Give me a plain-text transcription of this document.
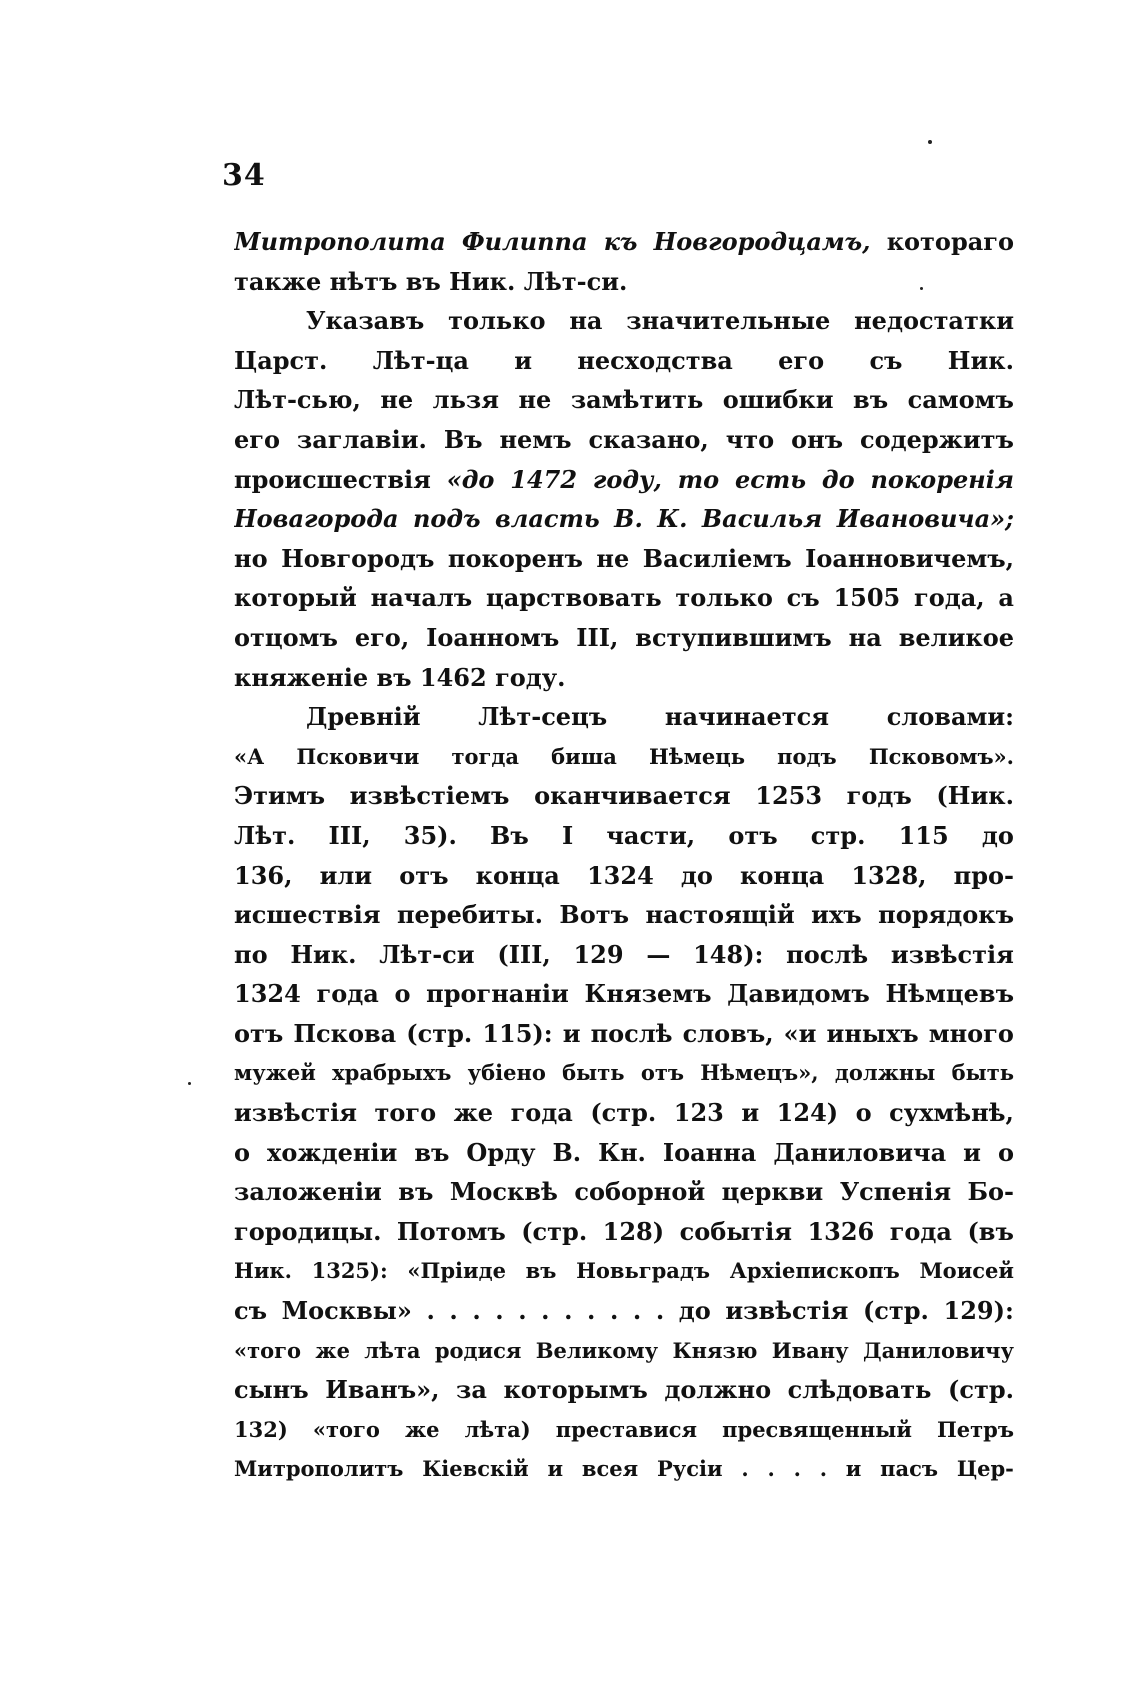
34
Митрополита Филиппа къ Новгородцамъ, котораго
также
нѣтъ
въ
Ник.
Лѣт-си.
Указавъ только на значительные недостатки
Царст. Лѣт-ца и несходства его съ Ник.
Лѣт-сью, не льзя не замѣтить ошибки въ самомъ
его заглавіи. Въ немъ сказано, что онъ содержитъ
происшествія «до 1472 году, то есть до покоренія
Новагорода подъ власть В. К. Василья Ивановича»;
но Новгородъ покоренъ не Василіемъ Іоанновичемъ,
который началъ царствовать только съ 1505 года, а
отцомъ его, Іоанномъ III, вступившимъ на великое
княженіе
въ
1462
году.
Древній Лѣт-сецъ начинается словами:
«А Псковичи тогда биша Нѣмець подъ Псковомъ».
Этимъ извѣстіемъ оканчивается 1253 годъ (Ник.
Лѣт. III, 35). Въ I части, отъ стр. 115 до
136, или отъ конца 1324 до конца 1328, про-
исшествія перебиты. Вотъ настоящій ихъ порядокъ
по Ник. Лѣт-си (III, 129 — 148): послѣ извѣстія
1324 года о прогнаніи Княземъ Давидомъ Нѣмцевъ
отъ Пскова (стр. 115): и послѣ словъ, «и иныхъ много
мужей храбрыхъ убіено быть отъ Нѣмецъ», должны быть
извѣстія того же года (стр. 123 и 124) о сухмѣнѣ,
о хожденіи въ Орду В. Кн. Іоанна Даниловича и о
заложеніи въ Москвѣ соборной церкви Успенія Бо-
городицы. Потомъ (стр. 128) событія 1326 года (въ
Ник. 1325): «Пріиде въ Новьградъ Архіепископъ Моисей
съ Москвы» . . . . . . . . . . . до извѣстія (стр. 129):
«того же лѣта родися Великому Князю Ивану Даниловичу
сынъ Иванъ», за которымъ должно слѣдовать (стр.
132) «того же лѣта) преставися пресвященный Петръ
Митрополитъ Кіевскій и всея Русіи . . . . и пасъ Цер-
